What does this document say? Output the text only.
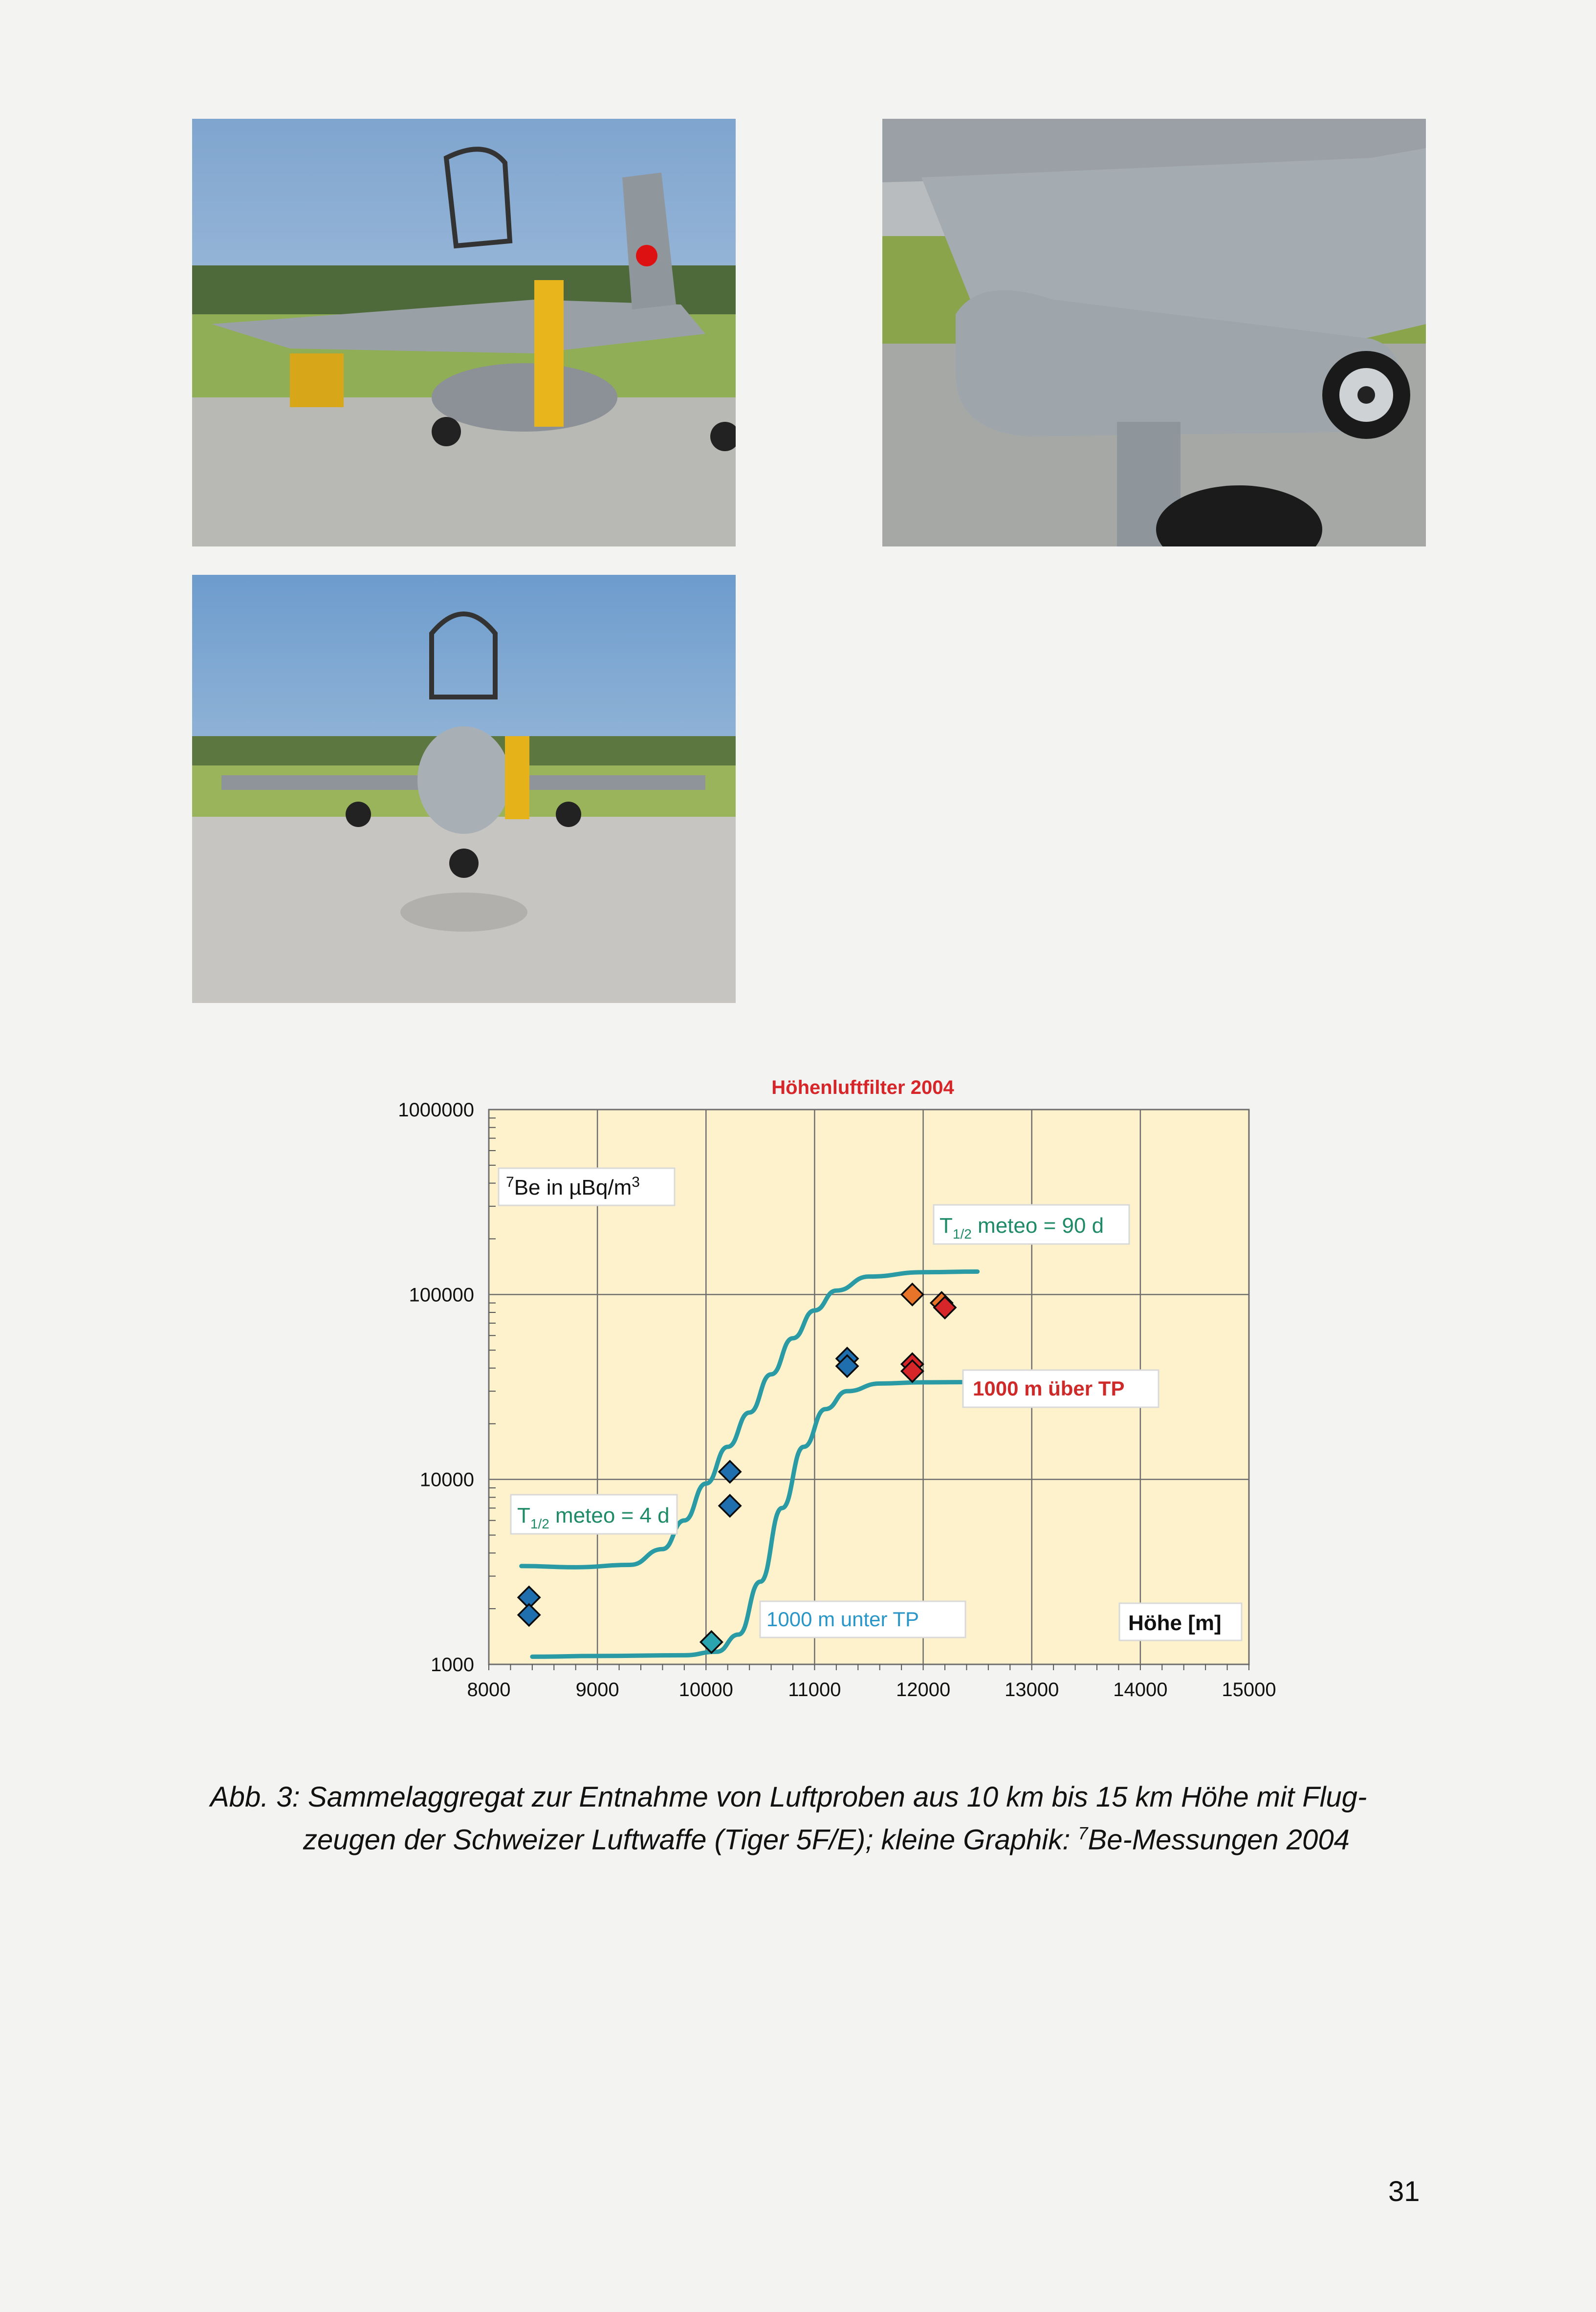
8000	9000	10000	11000	12000	13000	14000	15000
1000
10000
100000
1000000
Höhenluftfilter 2004
$^7$Be in µBq/$m^3$
$T_{1/2}$ meteo = 90 d
1000 m über TP
$T_{1/2}$ meteo = 4 d
1000 m unter TP	Höhe [m]
Abb. 3: Sammelaggregat zur Entnahme von Luftproben aus 10 km bis 15 km Höhe mit Flug-
zeugen der Schweizer Luftwaffe (Tiger 5F/E); kleine Graphik: $^7$Be-Messungen 2004
31
